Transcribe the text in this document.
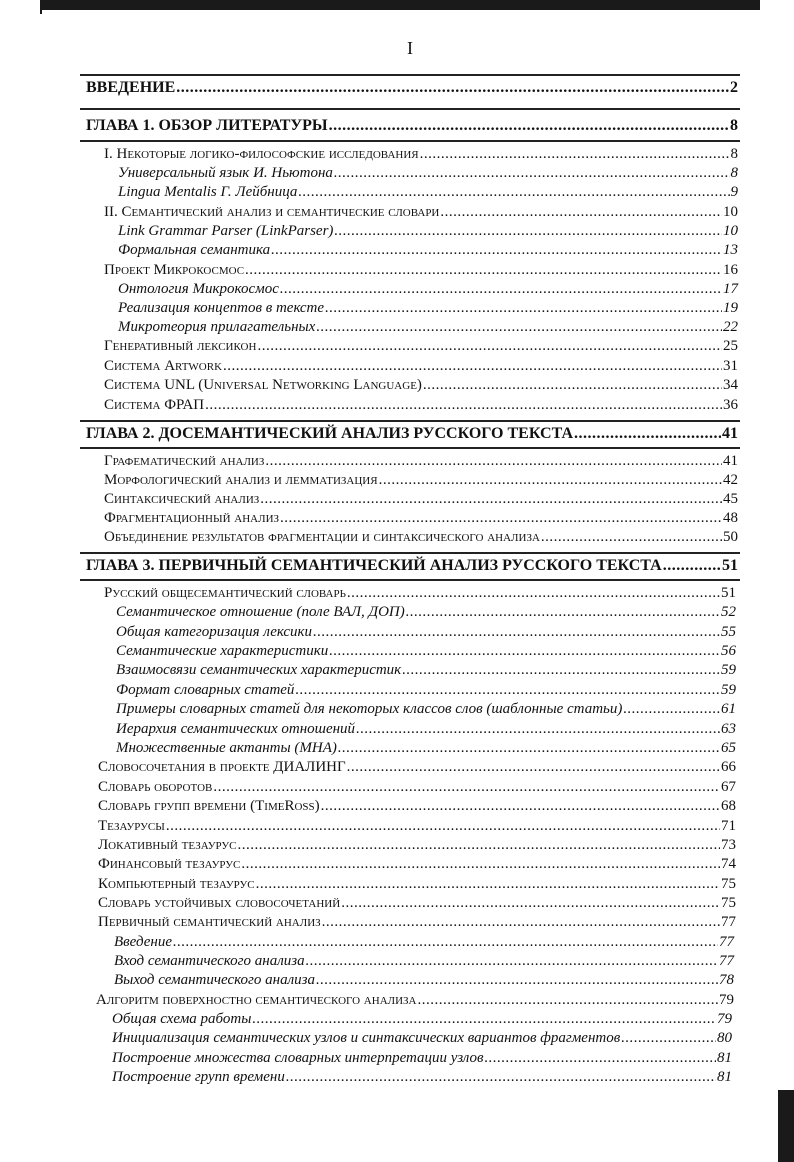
I
ВВЕДЕНИЕ .....	2
ГЛАВА 1. ОБЗОР ЛИТЕРАТУРЫ .....	8
I. Некоторые логико-философские исследования .....	8
Универсальный язык И. Ньютона .....	8
Lingua Mentalis Г. Лейбница .....	9
II. Семантический анализ и семантические словари .....	10
Link Grammar Parser (LinkParser) .....	10
Формальная семантика .....	13
Проект Микрокосмос .....	16
Онтология Микрокосмос .....	17
Реализация концептов в тексте .....	19
Микротеория прилагательных .....	22
Генеративный лексикон .....	25
Система Artwork .....	31
Система UNL (Universal Networking Language) .....	34
Система ФРАП .....	36
ГЛАВА 2. ДОСЕМАНТИЧЕСКИЙ АНАЛИЗ РУССКОГО ТЕКСТА .....	41
Графематический анализ .....	41
Морфологический анализ и лемматизация .....	42
Синтаксический анализ .....	45
Фрагментационный анализ .....	48
Объединение результатов фрагментации и синтаксического анализа .....	50
ГЛАВА 3. ПЕРВИЧНЫЙ СЕМАНТИЧЕСКИЙ АНАЛИЗ РУССКОГО ТЕКСТА .....	51
Русский общесемантический словарь .....	51
Семантическое отношение (поле ВАЛ, ДОП) .....	52
Общая категоризация лексики .....	55
Семантические характеристики .....	56
Взаимосвязи семантических характеристик .....	59
Формат словарных статей .....	59
Примеры словарных статей для некоторых классов слов (шаблонные статьи) .....	61
Иерархия семантических отношений .....	63
Множественные актанты (МНА) .....	65
Словосочетания в проекте ДИАЛИНГ .....	66
Словарь оборотов .....	67
Словарь групп времени (TimeRoss) .....	68
Тезаурусы .....	71
Локативный тезаурус .....	73
Финансовый тезаурус .....	74
Компьютерный тезаурус .....	75
Словарь устойчивых словосочетаний .....	75
Первичный семантический анализ .....	77
Введение .....	77
Вход семантического анализа .....	77
Выход семантического анализа .....	78
Алгоритм поверхностно семантического анализа .....	79
Общая схема работы .....	79
Инициализация семантических узлов и синтаксических вариантов фрагментов .....	80
Построение множества словарных интерпретации узлов .....	81
Построение групп времени .....	81
